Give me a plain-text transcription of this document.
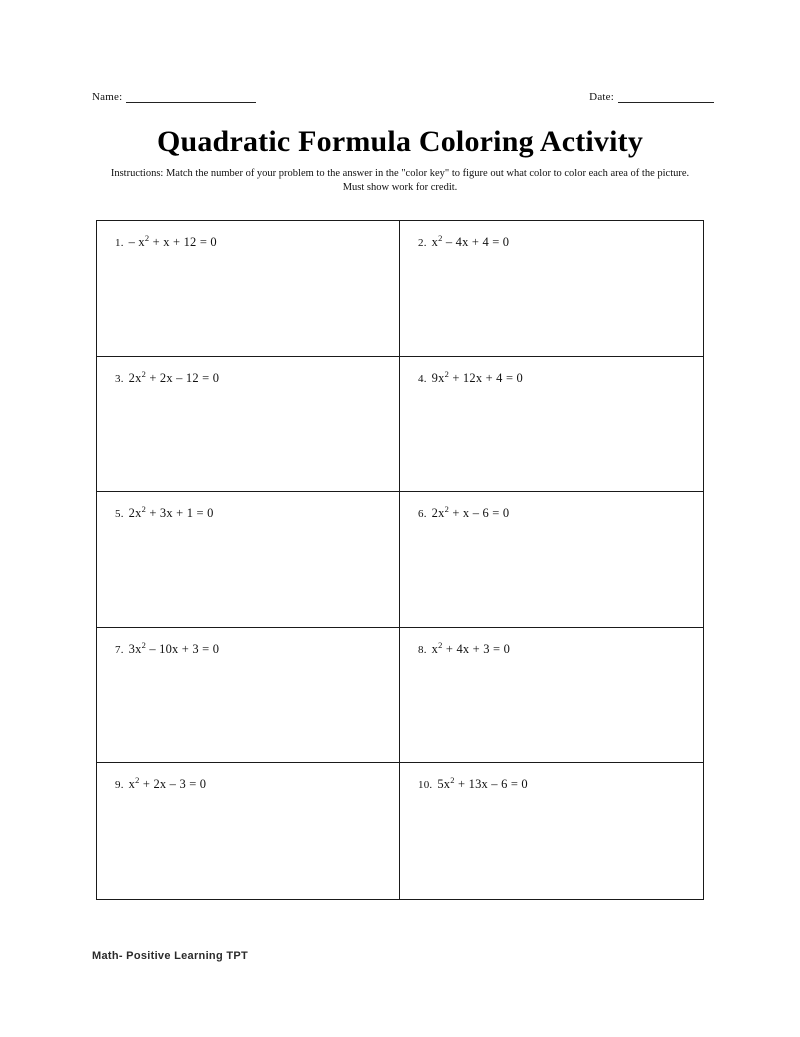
Name:	Date:
Quadratic Formula Coloring Activity
Instructions: Match the number of your problem to the answer in the "color key" to figure out what color to color each area of the picture. Must show work for credit.
1. – $x^2 + x + 12 = 0$	2. $x^2 - 4x + 4 = 0$
3. $2x^2 + 2x - 12 = 0$	4. $9x^2 + 12x + 4 = 0$
5. $2x^2 + 3x + 1 = 0$	6. $2x^2 + x - 6 = 0$
7. $3x^2 - 10x + 3 = 0$	8. $x^2 + 4x + 3 = 0$
9. $x^2 + 2x - 3 = 0$	10. $5x^2 + 13x - 6 = 0$
Math- Positive Learning TPT
